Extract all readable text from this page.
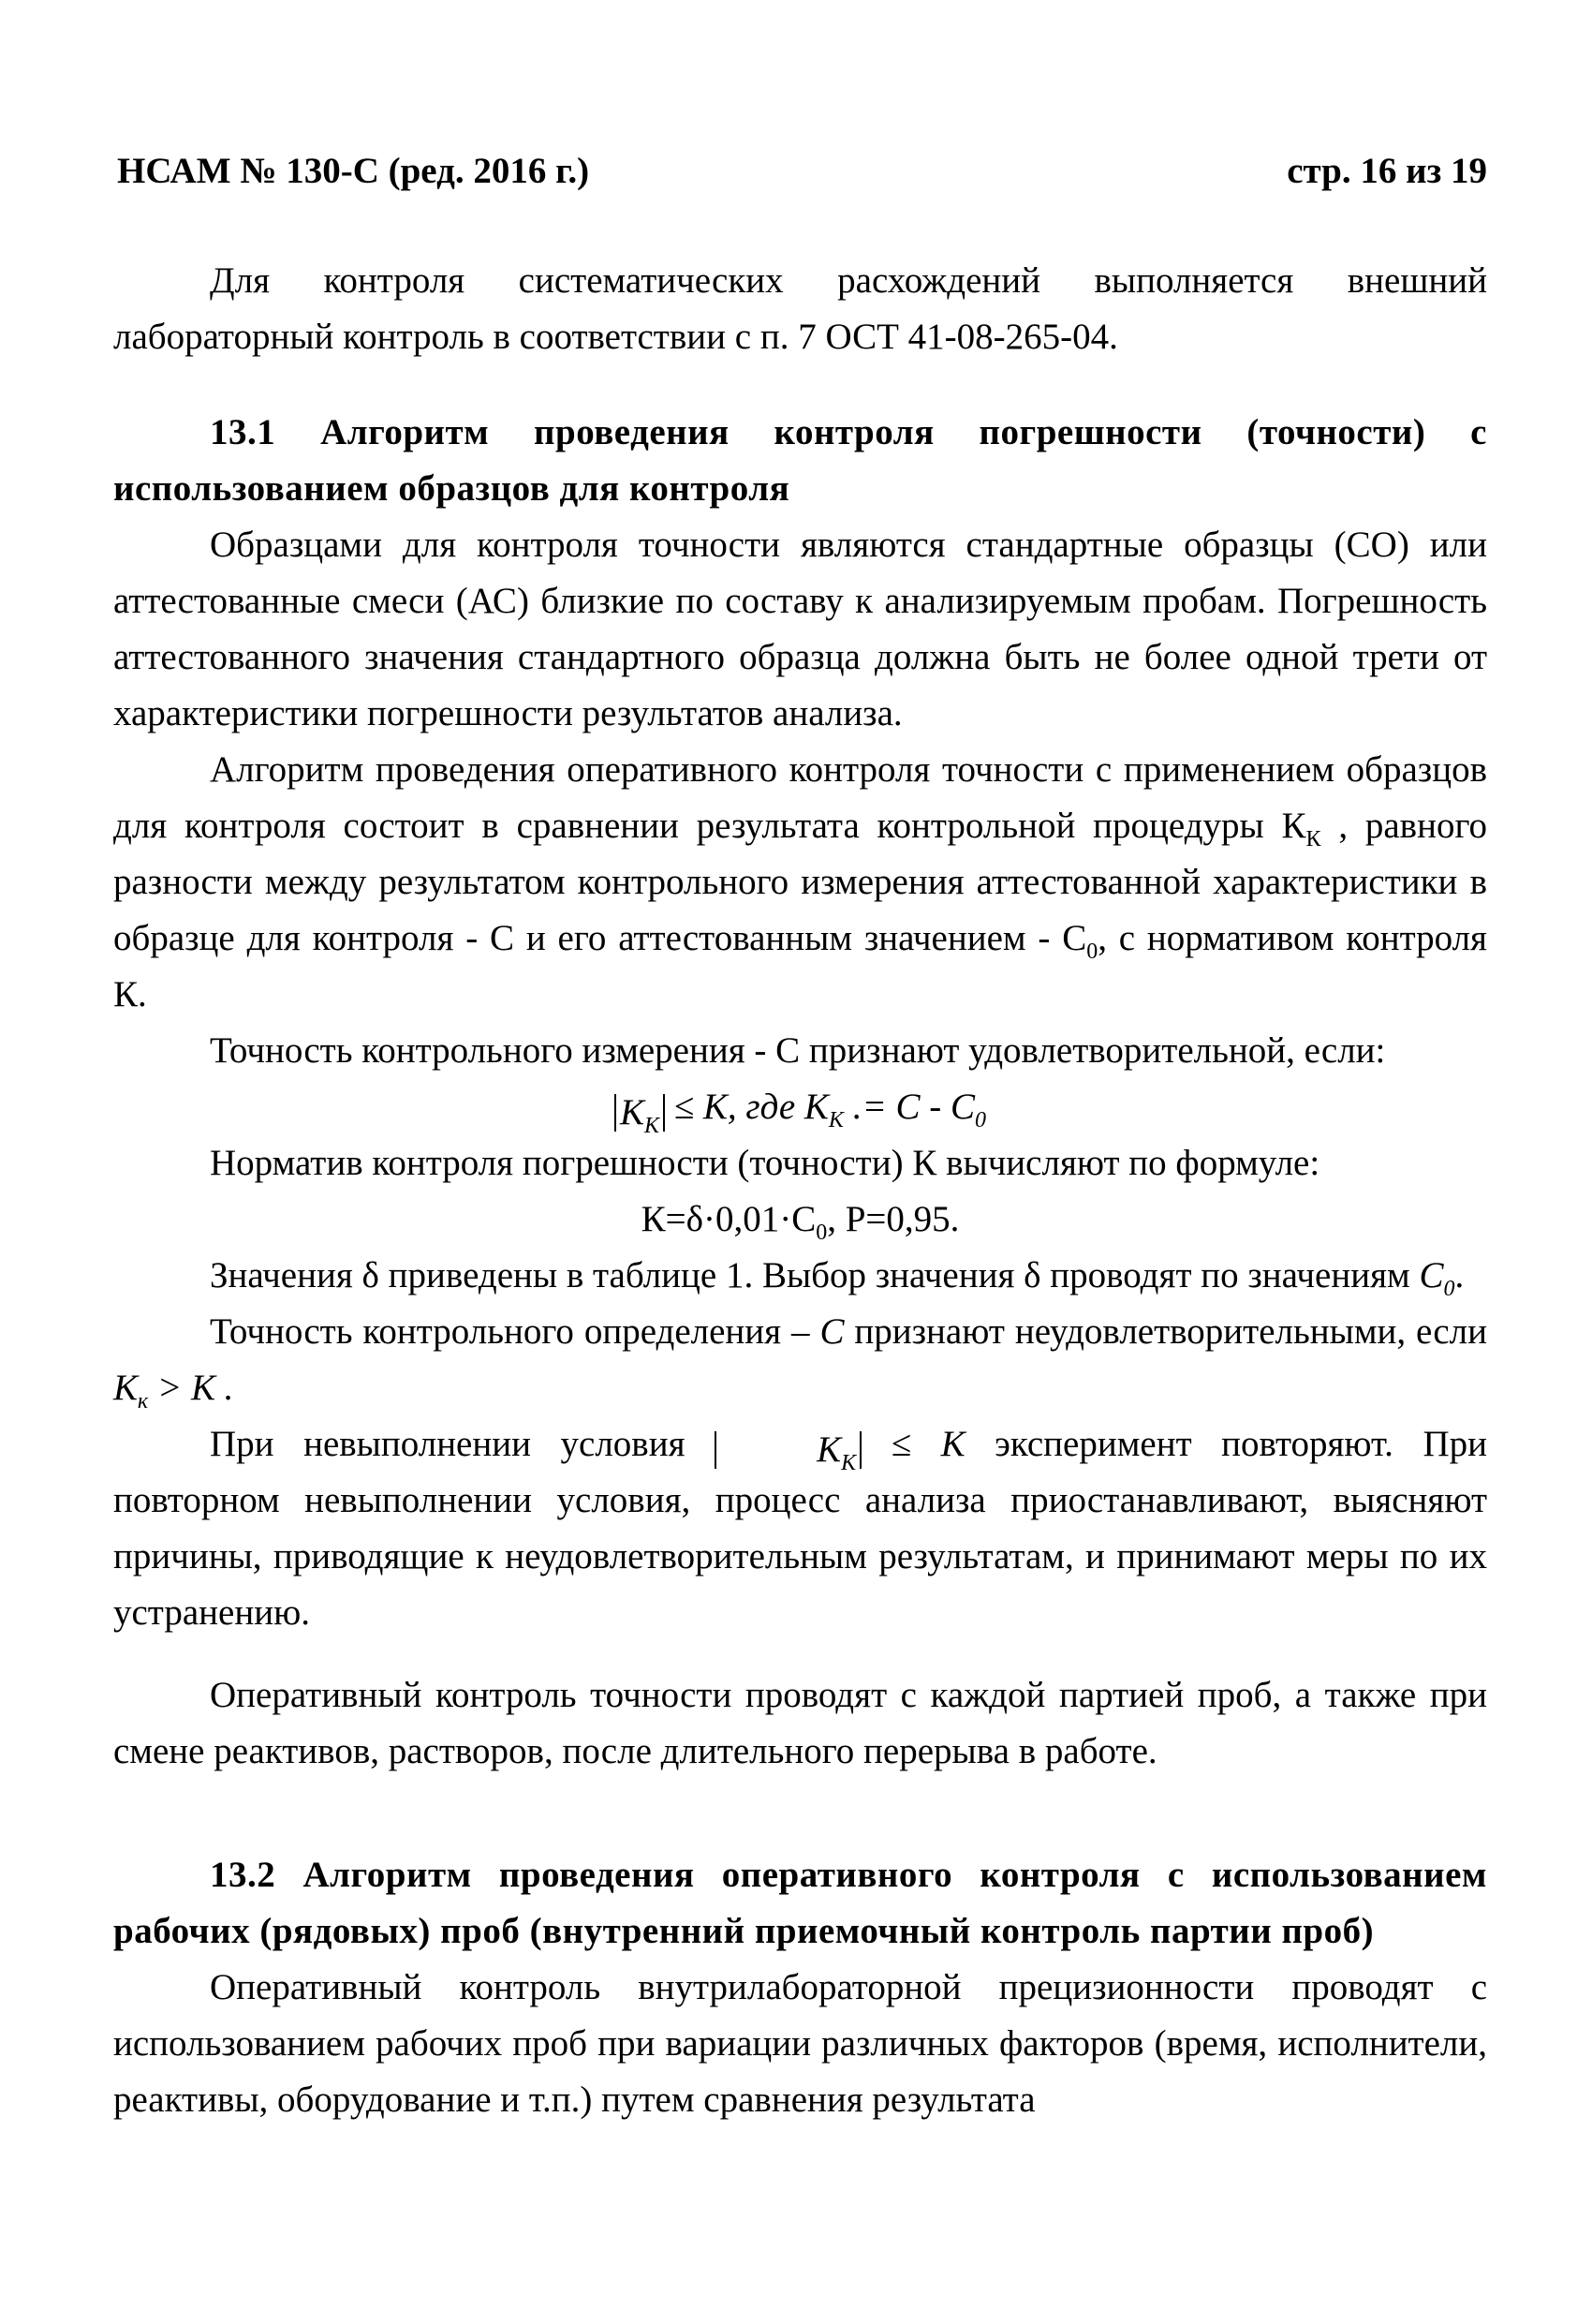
НСАМ № 130-С (ред. 2016 г.)	стр. 16 из 19

Для контроля систематических расхождений выполняется внешний лабораторный контроль в соответствии с п. 7 ОСТ 41-08-265-04.

13.1 Алгоритм проведения контроля погрешности (точности) с использованием образцов для контроля

Образцами для контроля точности являются стандартные образцы (СО) или аттестованные смеси (АС) близкие по составу к анализируемым пробам. Погрешность аттестованного значения стандартного образца должна быть не более одной трети от характеристики погрешности результатов анализа.

Алгоритм проведения оперативного контроля точности с применением образцов для контроля состоит в сравнении результата контрольной процедуры $К_К$ , равного разности между результатом контрольного измерения аттестованной характеристики в образце для контроля - С и его аттестованным значением - $С_0$, с нормативом контроля К.

Точность контрольного измерения - С признают удовлетворительной, если:

$K_K \le K$, где $K_K$ .= C - $C_0$

Норматив контроля погрешности (точности) К вычисляют по формуле:

$К=\delta\cdot 0,01\cdot С_0$, Р=0,95.

Значения δ приведены в таблице 1. Выбор значения δ проводят по значениям $C_0$.

Точность контрольного определения – С признают неудовлетворительными, если $К_к > К$ .

При невыполнении условия	$K_K \le K$ эксперимент повторяют. При повторном невыполнении условия, процесс анализа приостанавливают, выясняют причины, приводящие к неудовлетворительным результатам, и принимают меры по их устранению.

Оперативный контроль точности проводят с каждой партией проб, а также при смене реактивов, растворов, после длительного перерыва в работе.

13.2 Алгоритм проведения оперативного контроля с использованием рабочих (рядовых) проб (внутренний приемочный контроль партии проб)

Оперативный контроль внутрилабораторной прецизионности проводят с использованием рабочих проб при вариации различных факторов (время, исполнители, реактивы, оборудование и т.п.) путем сравнения результата
